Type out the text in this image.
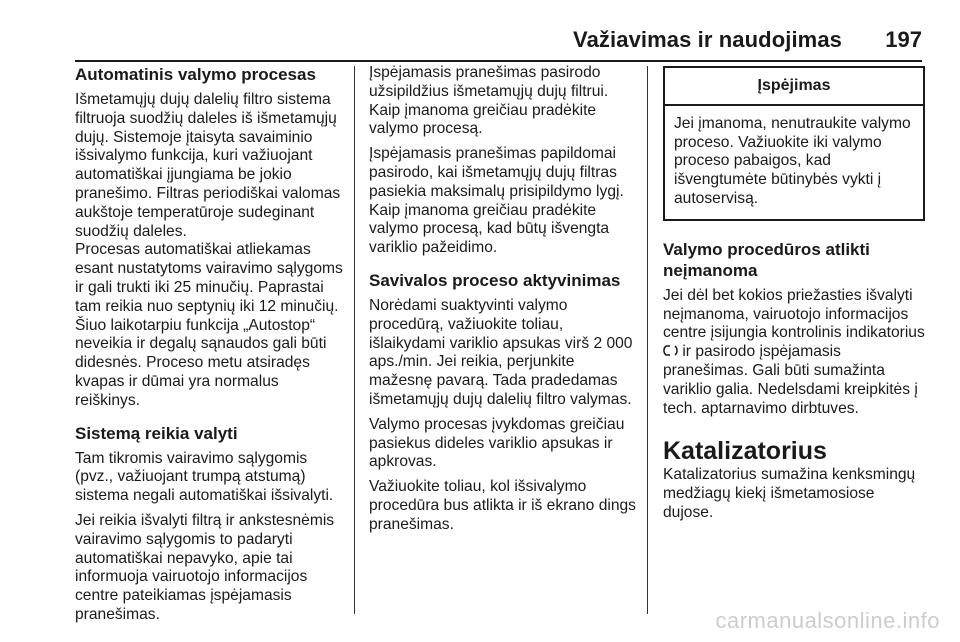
Važiavimas ir naudojimas 197
Automatinis valymo procesas

Išmetamųjų dujų dalelių filtro sistema filtruoja suodžių daleles iš išmetamųjų dujų. Sistemoje įtaisyta savaiminio išsivalymo funkcija, kuri važiuojant automatiškai įjungiama be jokio pranešimo. Filtras periodiškai valomas aukštoje temperatūroje sudeginant suodžių daleles.

Procesas automatiškai atliekamas esant nustatytoms vairavimo sąlygoms ir gali trukti iki 25 minučių. Paprastai tam reikia nuo septynių iki 12 minučių. Šiuo laikotarpiu funkcija „Autostop“ neveikia ir degalų sąnaudos gali būti didesnės. Proceso metu atsiradęs kvapas ir dūmai yra normalus reiškinys.

Sistemą reikia valyti

Tam tikromis vairavimo sąlygomis (pvz., važiuojant trumpą atstumą) sistema negali automatiškai išsivalyti.

Jei reikia išvalyti filtrą ir ankstesnėmis vairavimo sąlygomis to padaryti automatiškai nepavyko, apie tai informuoja vairuotojo informacijos centre pateikiamas įspėjamasis pranešimas.

Įspėjamasis pranešimas pasirodo užsipildžius išmetamųjų dujų filtrui. Kaip įmanoma greičiau pradėkite valymo procesą.

Įspėjamasis pranešimas papildomai pasirodo, kai išmetamųjų dujų filtras pasiekia maksimalų prisipildymo lygį. Kaip įmanoma greičiau pradėkite valymo procesą, kad būtų išvengta variklio pažeidimo.

Savivalos proceso aktyvinimas

Norėdami suaktyvinti valymo procedūrą, važiuokite toliau, išlaikydami variklio apsukas virš 2 000 aps./min. Jei reikia, perjunkite mažesnę pavarą. Tada pradedamas išmetamųjų dujų dalelių filtro valymas.

Valymo procesas įvykdomas greičiau pasiekus dideles variklio apsukas ir apkrovas.

Važiuokite toliau, kol išsivalymo procedūra bus atlikta ir iš ekrano dings pranešimas.

Įspėjimas
Jei įmanoma, nenutraukite valymo proceso. Važiuokite iki valymo proceso pabaigos, kad išvengtumėte būtinybės vykti į autoservisą.
Valymo procedūros atlikti neįmanoma

Jei dėl bet kokios priežasties išvalyti neįmanoma, vairuotojo informacijos centre įsijungia kontrolinis indikatorius  ir pasirodo įspėjamasis pranešimas. Gali būti sumažinta variklio galia. Nedelsdami kreipkitės į tech. aptarnavimo dirbtuves.

Katalizatorius

Katalizatorius sumažina kenksmingų medžiagų kiekį išmetamosiose dujose.

carmanualsonline.info
